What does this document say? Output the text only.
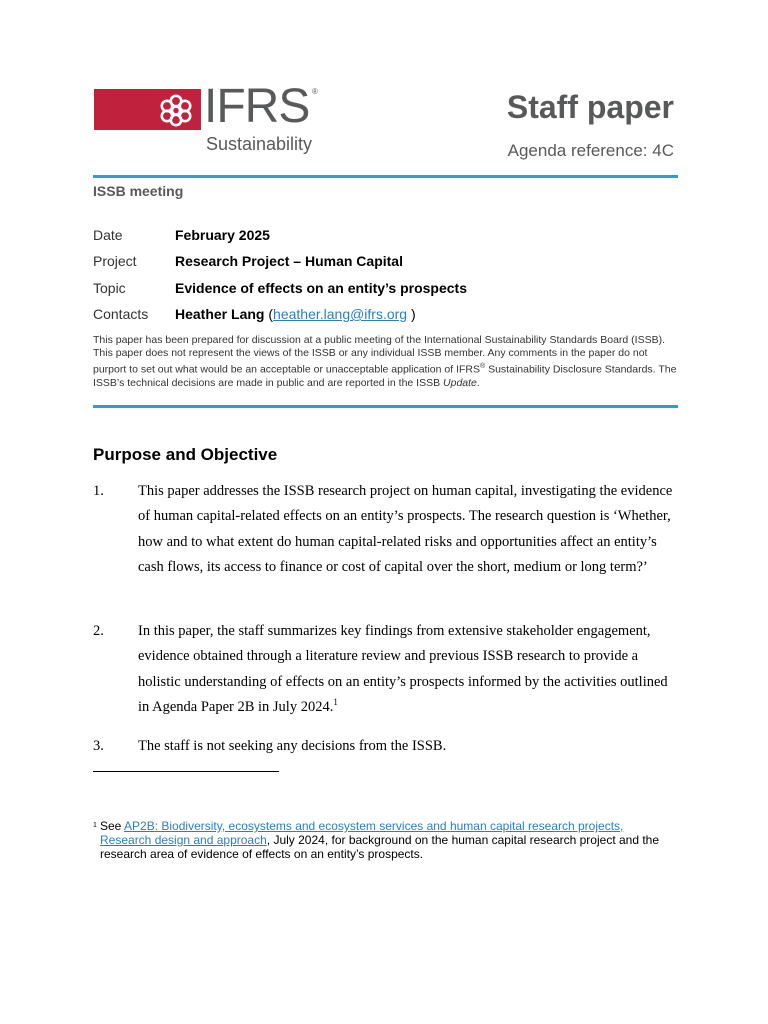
IFRS ®
Sustainability
Staff paper
Agenda reference: 4C
ISSB meeting
Date	February 2025
Project	Research Project – Human Capital
Topic	Evidence of effects on an entity’s prospects
Contacts	Heather Lang (heather.lang@ifrs.org )
This paper has been prepared for discussion at a public meeting of the International Sustainability Standards Board (ISSB). This paper does not represent the views of the ISSB or any individual ISSB member. Any comments in the paper do not purport to set out what would be an acceptable or unacceptable application of IFRS® Sustainability Disclosure Standards. The ISSB’s technical decisions are made in public and are reported in the ISSB Update.
Purpose and Objective
1. This paper addresses the ISSB research project on human capital, investigating the evidence of human capital-related effects on an entity’s prospects. The research question is ‘Whether, how and to what extent do human capital-related risks and opportunities affect an entity’s cash flows, its access to finance or cost of capital over the short, medium or long term?’
2. In this paper, the staff summarizes key findings from extensive stakeholder engagement, evidence obtained through a literature review and previous ISSB research to provide a holistic understanding of effects on an entity’s prospects informed by the activities outlined in Agenda Paper 2B in July 2024.$^1$
3. The staff is not seeking any decisions from the ISSB.
1 See AP2B: Biodiversity, ecosystems and ecosystem services and human capital research projects, Research design and approach, July 2024, for background on the human capital research project and the research area of evidence of effects on an entity’s prospects.
